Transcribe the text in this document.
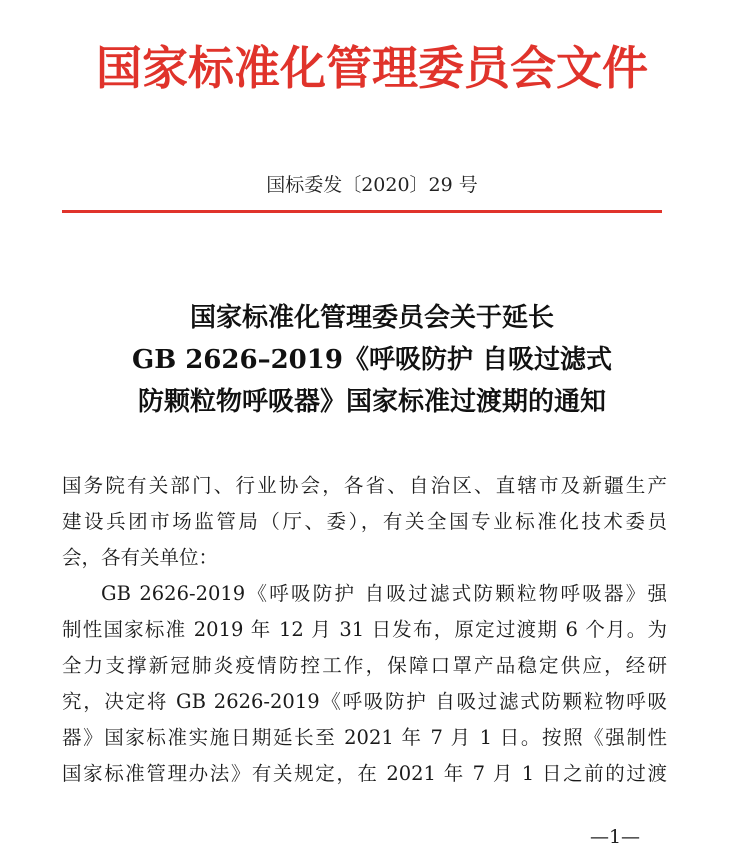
国家标准化管理委员会文件
国标委发〔2020〕29 号
国家标准化管理委员会关于延长
GB 2626–2019《呼吸防护 自吸过滤式
防颗粒物呼吸器》国家标准过渡期的通知
国务院有关部门、行业协会，各省、自治区、直辖市及新疆生产
建设兵团市场监管局（厅、委），有关全国专业标准化技术委员
会，各有关单位：
GB 2626-2019《呼吸防护 自吸过滤式防颗粒物呼吸器》强
制性国家标准 2019 年 12 月 31 日发布，原定过渡期 6 个月。为
全力支撑新冠肺炎疫情防控工作，保障口罩产品稳定供应，经研
究，决定将 GB 2626-2019《呼吸防护 自吸过滤式防颗粒物呼吸
器》国家标准实施日期延长至 2021 年 7 月 1 日。按照《强制性
国家标准管理办法》有关规定，在 2021 年 7 月 1 日之前的过渡
—1—
